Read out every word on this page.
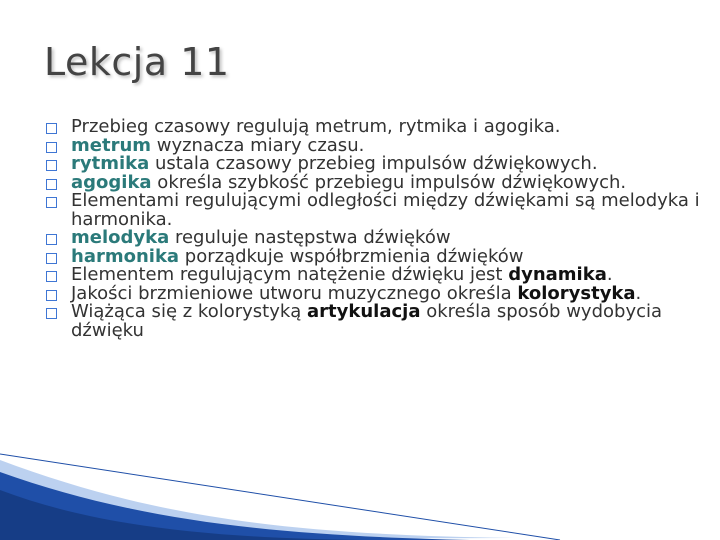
Lekcja 11
Przebieg czasowy regulują metrum, rytmika i agogika.
metrum wyznacza miary czasu.
rytmika ustala czasowy przebieg impulsów dźwiękowych.
agogika określa szybkość przebiegu impulsów dźwiękowych.
Elementami regulującymi odległości między dźwiękami są melodyka i harmonika.
melodyka reguluje następstwa dźwięków
harmonika porządkuje współbrzmienia dźwięków
Elementem regulującym natężenie dźwięku jest dynamika.
Jakości brzmieniowe utworu muzycznego określa kolorystyka.
Wiążąca się z kolorystyką artykulacja określa sposób wydobycia dźwięku
